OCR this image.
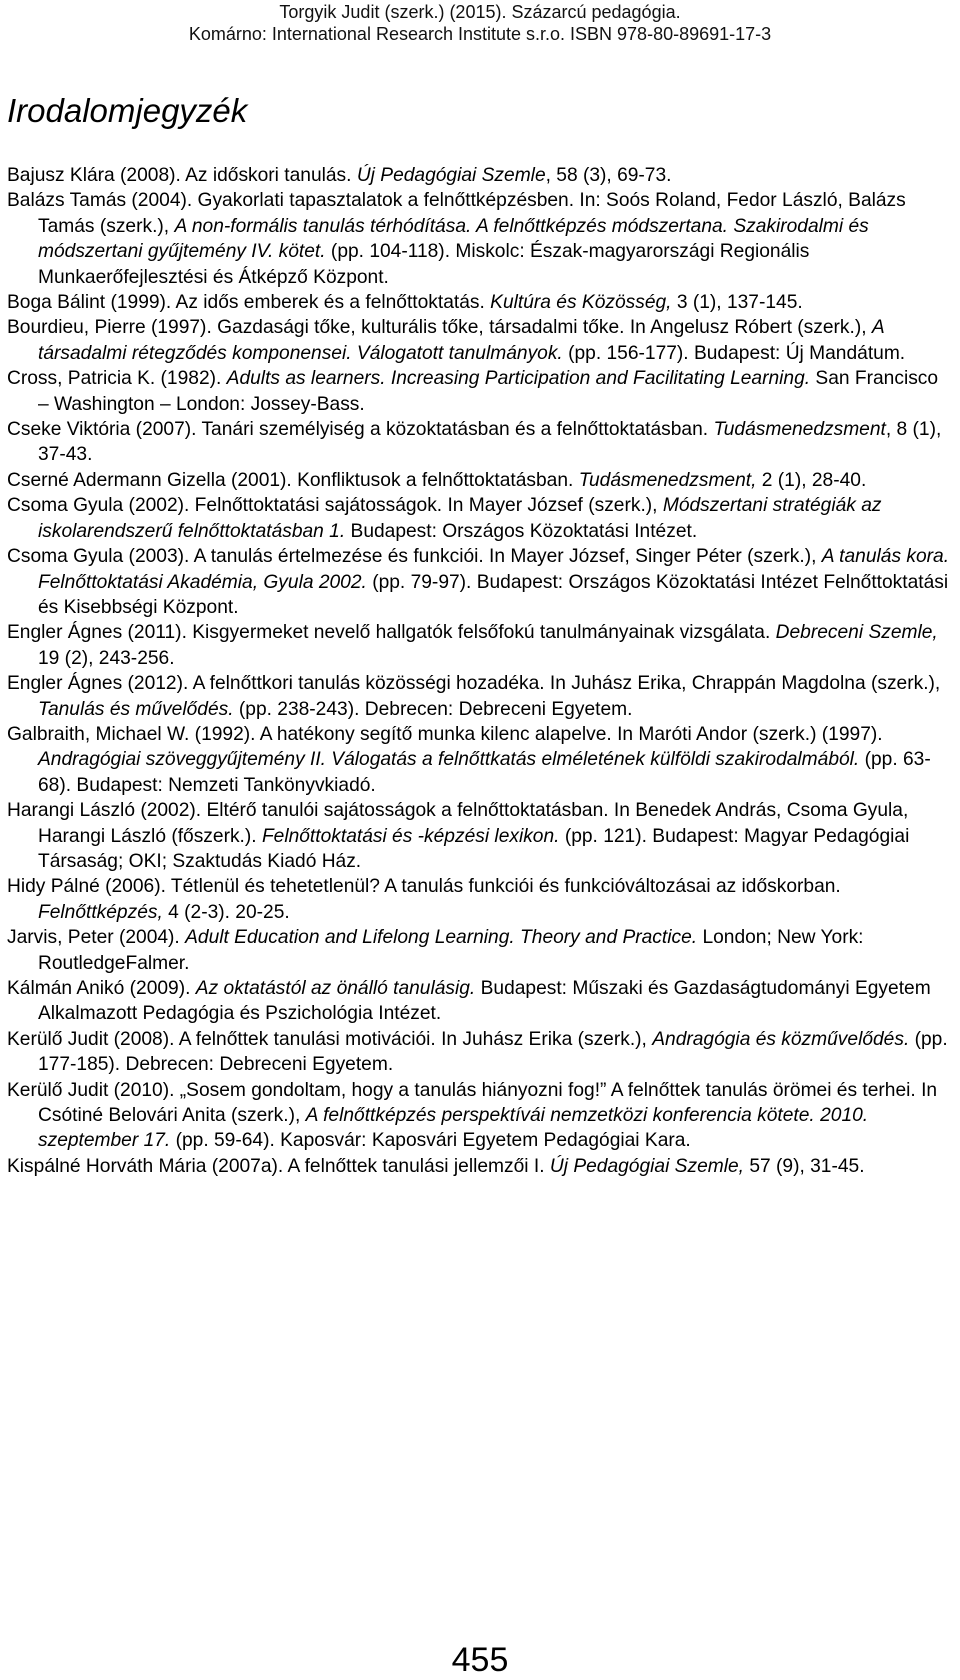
Torgyik Judit (szerk.) (2015). Százarcú pedagógia.
Komárno: International Research Institute s.r.o. ISBN 978-80-89691-17-3
Irodalomjegyzék

Bajusz Klára (2008). Az időskori tanulás. Új Pedagógiai Szemle, 58 (3), 69-73.

Balázs Tamás (2004). Gyakorlati tapasztalatok a felnőttképzésben. In: Soós Roland, Fedor László, Balázs Tamás (szerk.), A non-formális tanulás térhódítása. A felnőttképzés módszertana. Szakirodalmi és módszertani gyűjtemény IV. kötet. (pp. 104-118). Miskolc: Észak-magyarországi Regionális Munkaerőfejlesztési és Átképző Központ.

Boga Bálint (1999). Az idős emberek és a felnőttoktatás. Kultúra és Közösség, 3 (1), 137-145.

Bourdieu, Pierre (1997). Gazdasági tőke, kulturális tőke, társadalmi tőke. In Angelusz Róbert (szerk.), A társadalmi rétegződés komponensei. Válogatott tanulmányok. (pp. 156-177). Budapest: Új Mandátum.

Cross, Patricia K. (1982). Adults as learners. Increasing Participation and Facilitating Learning. San Francisco – Washington – London: Jossey-Bass.

Cseke Viktória (2007). Tanári személyiség a közoktatásban és a felnőttoktatásban. Tudásmenedzsment, 8 (1), 37-43.

Cserné Adermann Gizella (2001). Konfliktusok a felnőttoktatásban. Tudásmenedzsment, 2 (1), 28-40.

Csoma Gyula (2002). Felnőttoktatási sajátosságok. In Mayer József (szerk.), Módszertani stratégiák az iskolarendszerű felnőttoktatásban 1. Budapest: Országos Közoktatási Intézet.

Csoma Gyula (2003). A tanulás értelmezése és funkciói. In Mayer József, Singer Péter (szerk.), A tanulás kora. Felnőttoktatási Akadémia, Gyula 2002. (pp. 79-97). Budapest: Országos Közoktatási Intézet Felnőttoktatási és Kisebbségi Központ.

Engler Ágnes (2011). Kisgyermeket nevelő hallgatók felsőfokú tanulmányainak vizsgálata. Debreceni Szemle, 19 (2), 243-256.

Engler Ágnes (2012). A felnőttkori tanulás közösségi hozadéka. In Juhász Erika, Chrappán Magdolna (szerk.), Tanulás és művelődés. (pp. 238-243). Debrecen: Debreceni Egyetem.

Galbraith, Michael W. (1992). A hatékony segítő munka kilenc alapelve. In Maróti Andor (szerk.) (1997). Andragógiai szöveggyűjtemény II. Válogatás a felnőttkatás elméletének külföldi szakirodalmából. (pp. 63-68). Budapest: Nemzeti Tankönyvkiadó.

Harangi László (2002). Eltérő tanulói sajátosságok a felnőttoktatásban. In Benedek András, Csoma Gyula, Harangi László (főszerk.). Felnőttoktatási és -képzési lexikon. (pp. 121). Budapest: Magyar Pedagógiai Társaság; OKI; Szaktudás Kiadó Ház.

Hidy Pálné (2006). Tétlenül és tehetetlenül? A tanulás funkciói és funkcióváltozásai az időskorban. Felnőttképzés, 4 (2-3). 20-25.

Jarvis, Peter (2004). Adult Education and Lifelong Learning. Theory and Practice. London; New York: RoutledgeFalmer.

Kálmán Anikó (2009). Az oktatástól az önálló tanulásig. Budapest: Műszaki és Gazdaságtudományi Egyetem Alkalmazott Pedagógia és Pszichológia Intézet.

Kerülő Judit (2008). A felnőttek tanulási motivációi. In Juhász Erika (szerk.), Andragógia és közművelődés. (pp. 177-185). Debrecen: Debreceni Egyetem.

Kerülő Judit (2010). „Sosem gondoltam, hogy a tanulás hiányozni fog!” A felnőttek tanulás örömei és terhei. In Csótiné Belovári Anita (szerk.), A felnőttképzés perspektívái nemzetközi konferencia kötete. 2010. szeptember 17. (pp. 59-64). Kaposvár: Kaposvári Egyetem Pedagógiai Kara.

Kispálné Horváth Mária (2007a). A felnőttek tanulási jellemzői I. Új Pedagógiai Szemle, 57 (9), 31-45.

455
